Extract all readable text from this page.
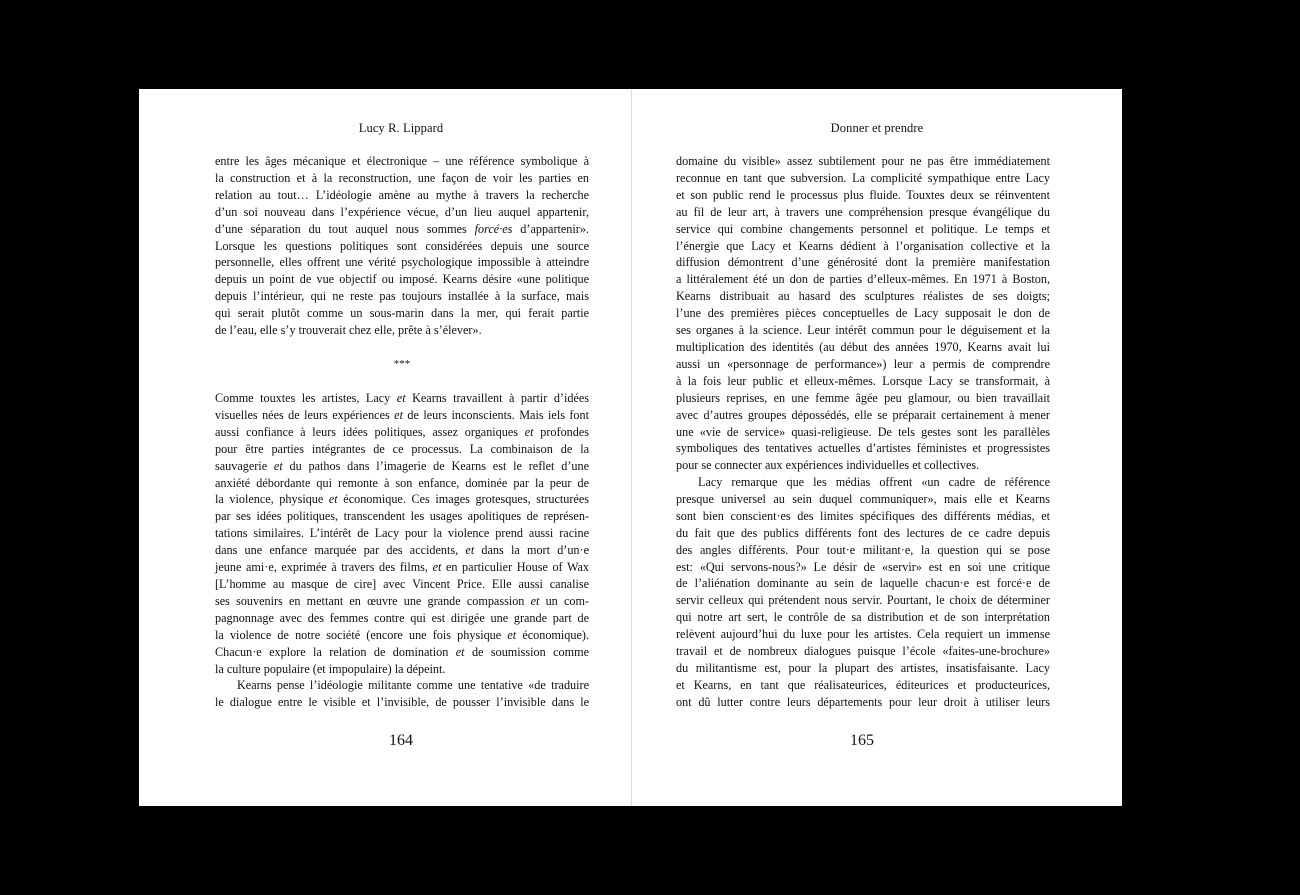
Lucy R. Lippard
entre les âges mécanique et électronique – une référence symbolique à
la construction et à la reconstruction, une façon de voir les parties en
relation au tout… L’idéologie amène au mythe à travers la recherche
d’un soi nouveau dans l’expérience vécue, d’un lieu auquel appartenir,
d’une séparation du tout auquel nous sommes forcé·es d’appartenir».
Lorsque les questions politiques sont considérées depuis une source
personnelle, elles offrent une vérité psychologique impossible à atteindre
depuis un point de vue objectif ou imposé. Kearns désire «une politique
depuis l’intérieur, qui ne reste pas toujours installée à la surface, mais
qui serait plutôt comme un sous-marin dans la mer, qui ferait partie
de l’eau, elle s’y trouverait chez elle, prête à s’élever».
***
Comme touxtes les artistes, Lacy et Kearns travaillent à partir d’idées
visuelles nées de leurs expériences et de leurs inconscients. Mais iels font
aussi confiance à leurs idées politiques, assez organiques et profondes
pour être parties intégrantes de ce processus. La combinaison de la
sauvagerie et du pathos dans l’imagerie de Kearns est le reflet d’une
anxiété débordante qui remonte à son enfance, dominée par la peur de
la violence, physique et économique. Ces images grotesques, structurées
par ses idées politiques, transcendent les usages apolitiques de représen-
tations similaires. L’intérêt de Lacy pour la violence prend aussi racine
dans une enfance marquée par des accidents, et dans la mort d’un·e
jeune ami·e, exprimée à travers des films, et en particulier House of Wax
[L’homme au masque de cire] avec Vincent Price. Elle aussi canalise
ses souvenirs en mettant en œuvre une grande compassion et un com-
pagnonnage avec des femmes contre qui est dirigée une grande part de
la violence de notre société (encore une fois physique et économique).
Chacun·e explore la relation de domination et de soumission comme
la culture populaire (et impopulaire) la dépeint.
Kearns pense l’idéologie militante comme une tentative «de traduire
le dialogue entre le visible et l’invisible, de pousser l’invisible dans le
164
Donner et prendre
domaine du visible» assez subtilement pour ne pas être immédiatement
reconnue en tant que subversion. La complicité sympathique entre Lacy
et son public rend le processus plus fluide. Touxtes deux se réinventent
au fil de leur art, à travers une compréhension presque évangélique du
service qui combine changements personnel et politique. Le temps et
l’énergie que Lacy et Kearns dédient à l’organisation collective et la
diffusion démontrent d’une générosité dont la première manifestation
a littéralement été un don de parties d’elleux-mêmes. En 1971 à Boston,
Kearns distribuait au hasard des sculptures réalistes de ses doigts;
l’une des premières pièces conceptuelles de Lacy supposait le don de
ses organes à la science. Leur intérêt commun pour le déguisement et la
multiplication des identités (au début des années 1970, Kearns avait lui
aussi un «personnage de performance») leur a permis de comprendre
à la fois leur public et elleux-mêmes. Lorsque Lacy se transformait, à
plusieurs reprises, en une femme âgée peu glamour, ou bien travaillait
avec d’autres groupes dépossédés, elle se préparait certainement à mener
une «vie de service» quasi-religieuse. De tels gestes sont les parallèles
symboliques des tentatives actuelles d’artistes féministes et progressistes
pour se connecter aux expériences individuelles et collectives.
Lacy remarque que les médias offrent «un cadre de référence
presque universel au sein duquel communiquer», mais elle et Kearns
sont bien conscient·es des limites spécifiques des différents médias, et
du fait que des publics différents font des lectures de ce cadre depuis
des angles différents. Pour tout·e militant·e, la question qui se pose
est: «Qui servons-nous?» Le désir de «servir» est en soi une critique
de l’aliénation dominante au sein de laquelle chacun·e est forcé·e de
servir celleux qui prétendent nous servir. Pourtant, le choix de déterminer
qui notre art sert, le contrôle de sa distribution et de son interprétation
relèvent aujourd’hui du luxe pour les artistes. Cela requiert un immense
travail et de nombreux dialogues puisque l’école «faites-une-brochure»
du militantisme est, pour la plupart des artistes, insatisfaisante. Lacy
et Kearns, en tant que réalisateurices, éditeurices et producteurices,
ont dû lutter contre leurs départements pour leur droit à utiliser leurs
165
